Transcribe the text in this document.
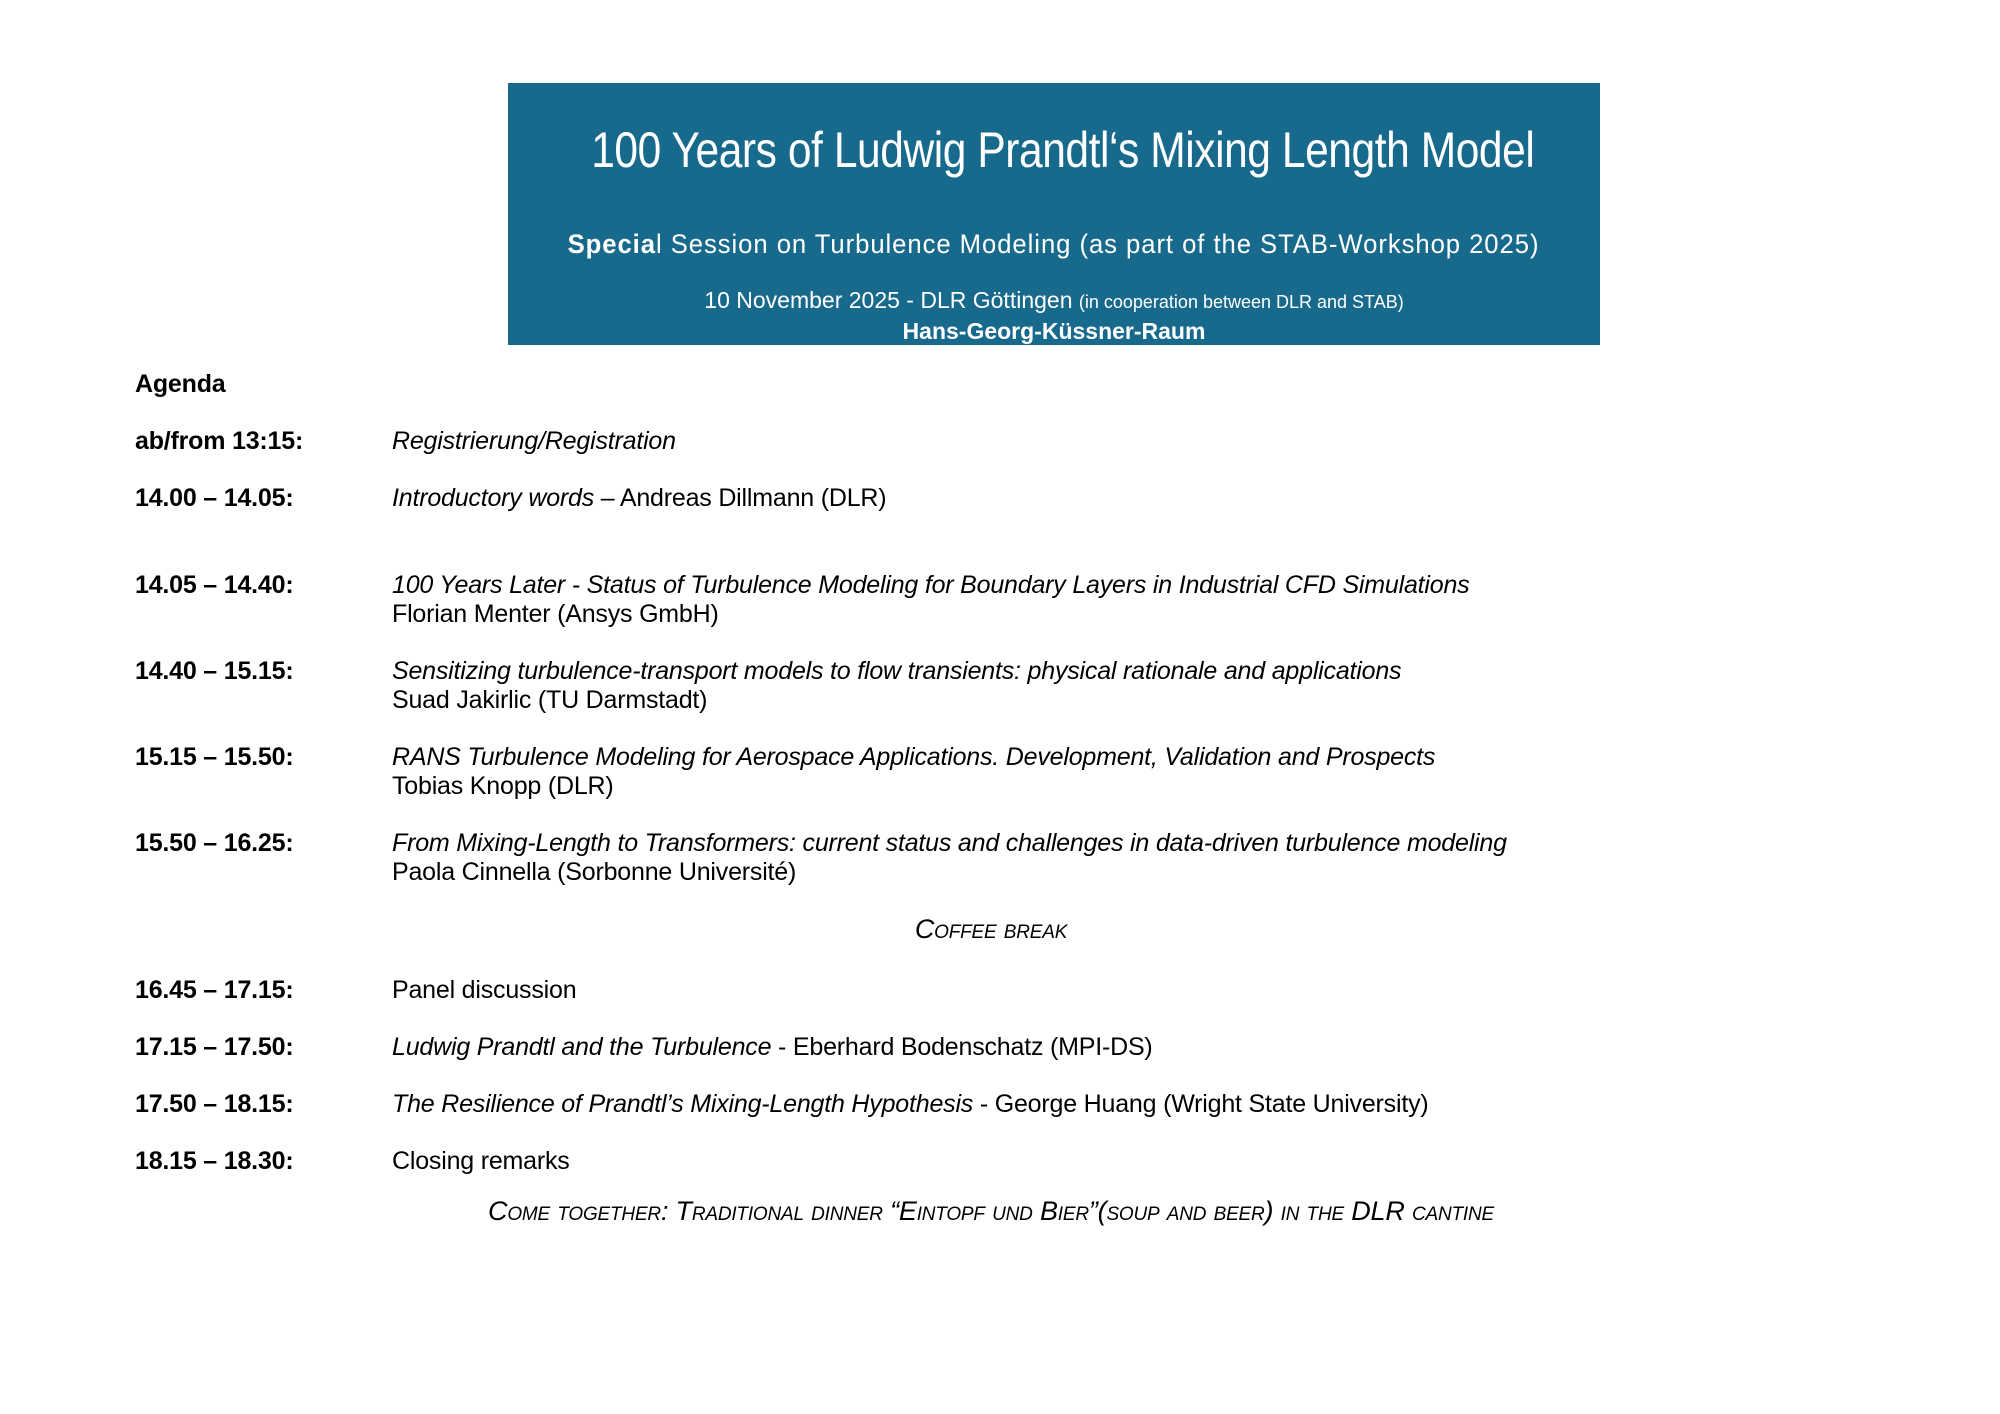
100 Years of Ludwig Prandtl‘s Mixing Length Model
Special Session on Turbulence Modeling (as part of the STAB-Workshop 2025)
10 November 2025 - DLR Göttingen (in cooperation between DLR and STAB)
Hans-Georg-Küssner-Raum
Agenda
ab/from 13:15:	Registrierung/Registration
14.00 – 14.05:	Introductory words – Andreas Dillmann (DLR)
14.05 – 14.40:	100 Years Later - Status of Turbulence Modeling for Boundary Layers in Industrial CFD Simulations
Florian Menter (Ansys GmbH)
14.40 – 15.15:	Sensitizing turbulence-transport models to flow transients: physical rationale and applications
Suad Jakirlic (TU Darmstadt)
15.15 – 15.50:	RANS Turbulence Modeling for Aerospace Applications. Development, Validation and Prospects
Tobias Knopp (DLR)
15.50 – 16.25:	From Mixing-Length to Transformers: current status and challenges in data-driven turbulence modeling
Paola Cinnella (Sorbonne Université)
Coffee break
16.45 – 17.15:	Panel discussion
17.15 – 17.50:	Ludwig Prandtl and the Turbulence - Eberhard Bodenschatz (MPI-DS)
17.50 – 18.15:	The Resilience of Prandtl’s Mixing-Length Hypothesis - George Huang (Wright State University)
18.15 – 18.30:	Closing remarks
Come together: Traditional dinner “Eintopf und Bier”(soup and beer) in the DLR cantine
